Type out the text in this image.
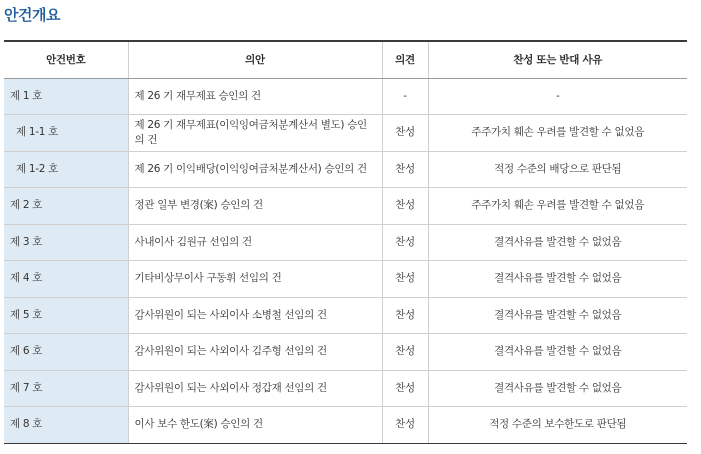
안건개요
안건번호	의안	의견	찬성 또는 반대 사유
제 1 호	제 26 기 재무제표 승인의 건	-	-
제 1-1 호	제 26 기 재무제표(이익잉여금처분계산서 별도) 승인의 건	찬성	주주가치 훼손 우려를 발견할 수 없었음
제 1-2 호	제 26 기 이익배당(이익잉여금처분계산서) 승인의 건	찬성	적정 수준의 배당으로 판단됨
제 2 호	정관 일부 변경(案) 승인의 건	찬성	주주가치 훼손 우려를 발견할 수 없었음
제 3 호	사내이사 김원규 선임의 건	찬성	결격사유를 발견할 수 없었음
제 4 호	기타비상무이사 구동휘 선임의 건	찬성	결격사유를 발견할 수 없었음
제 5 호	감사위원이 되는 사외이사 소병철 선임의 건	찬성	결격사유를 발견할 수 없었음
제 6 호	감사위원이 되는 사외이사 김주형 선임의 건	찬성	결격사유를 발견할 수 없었음
제 7 호	감사위원이 되는 사외이사 정갑재 선임의 건	찬성	결격사유를 발견할 수 없었음
제 8 호	이사 보수 한도(案) 승인의 건	찬성	적정 수준의 보수한도로 판단됨
